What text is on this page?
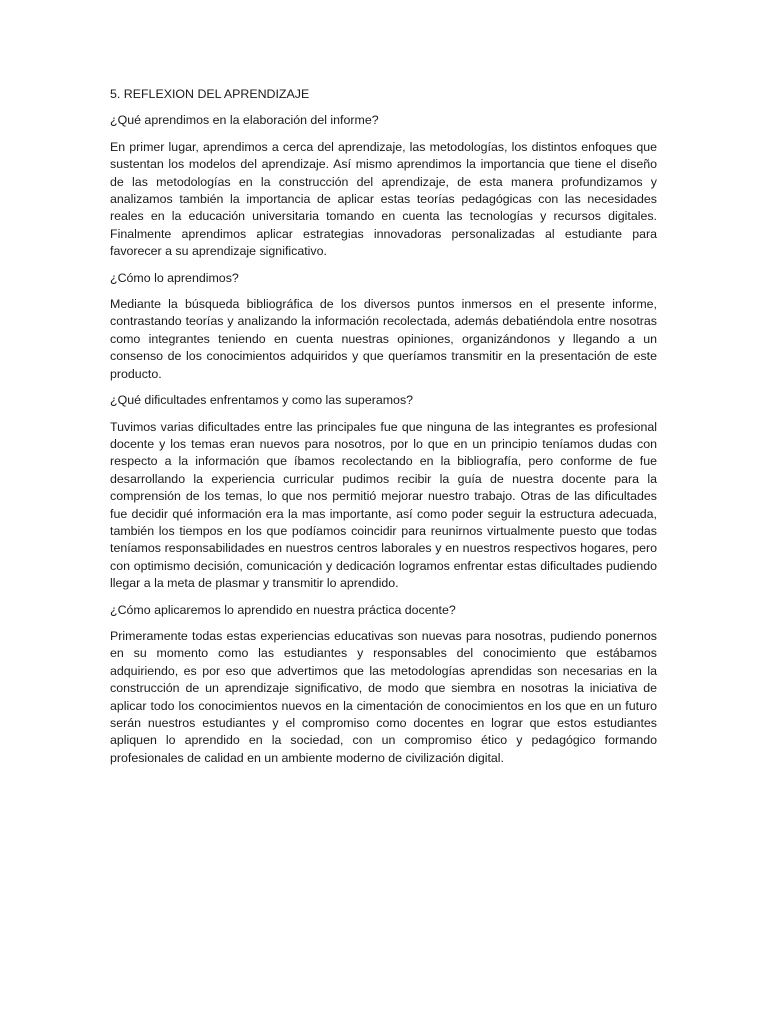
5. REFLEXION DEL APRENDIZAJE
¿Qué aprendimos en la elaboración del informe?
En primer lugar, aprendimos a cerca del aprendizaje, las metodologías, los distintos enfoques que sustentan los modelos del aprendizaje. Así mismo aprendimos la importancia que tiene el diseño de las metodologías en la construcción del aprendizaje, de esta manera profundizamos y analizamos también la importancia de aplicar estas teorías pedagógicas con las necesidades reales en la educación universitaria tomando en cuenta las tecnologías y recursos digitales. Finalmente aprendimos aplicar estrategias innovadoras personalizadas al estudiante para favorecer a su aprendizaje significativo.
¿Cómo lo aprendimos?
Mediante la búsqueda bibliográfica de los diversos puntos inmersos en el presente informe, contrastando teorías y analizando la información recolectada, además debatiéndola entre nosotras como integrantes teniendo en cuenta nuestras opiniones, organizándonos y llegando a un consenso de los conocimientos adquiridos y que queríamos transmitir en la presentación de este producto.
¿Qué dificultades enfrentamos y como las superamos?
Tuvimos varias dificultades entre las principales fue que ninguna de las integrantes es profesional docente y los temas eran nuevos para nosotros, por lo que en un principio teníamos dudas con respecto a la información que íbamos recolectando en la bibliografía, pero conforme de fue desarrollando la experiencia curricular pudimos recibir la guía de nuestra docente para la comprensión de los temas, lo que nos permitió mejorar nuestro trabajo. Otras de las dificultades fue decidir qué información era la mas importante, así como poder seguir la estructura adecuada, también los tiempos en los que podíamos coincidir para reunirnos virtualmente puesto que todas teníamos responsabilidades en nuestros centros laborales y en nuestros respectivos hogares, pero con optimismo decisión, comunicación y dedicación logramos enfrentar estas dificultades pudiendo llegar a la meta de plasmar y transmitir lo aprendido.
¿Cómo aplicaremos lo aprendido en nuestra práctica docente?
Primeramente todas estas experiencias educativas son nuevas para nosotras, pudiendo ponernos en su momento como las estudiantes y responsables del conocimiento que estábamos adquiriendo, es por eso que advertimos que las metodologías aprendidas son necesarias en la construcción de un aprendizaje significativo, de modo que siembra en nosotras la iniciativa de aplicar todo los conocimientos nuevos en la cimentación de conocimientos en los que en un futuro serán nuestros estudiantes y el compromiso como docentes en lograr que estos estudiantes apliquen lo aprendido en la sociedad, con un compromiso ético y pedagógico formando profesionales de calidad en un ambiente moderno de civilización digital.
